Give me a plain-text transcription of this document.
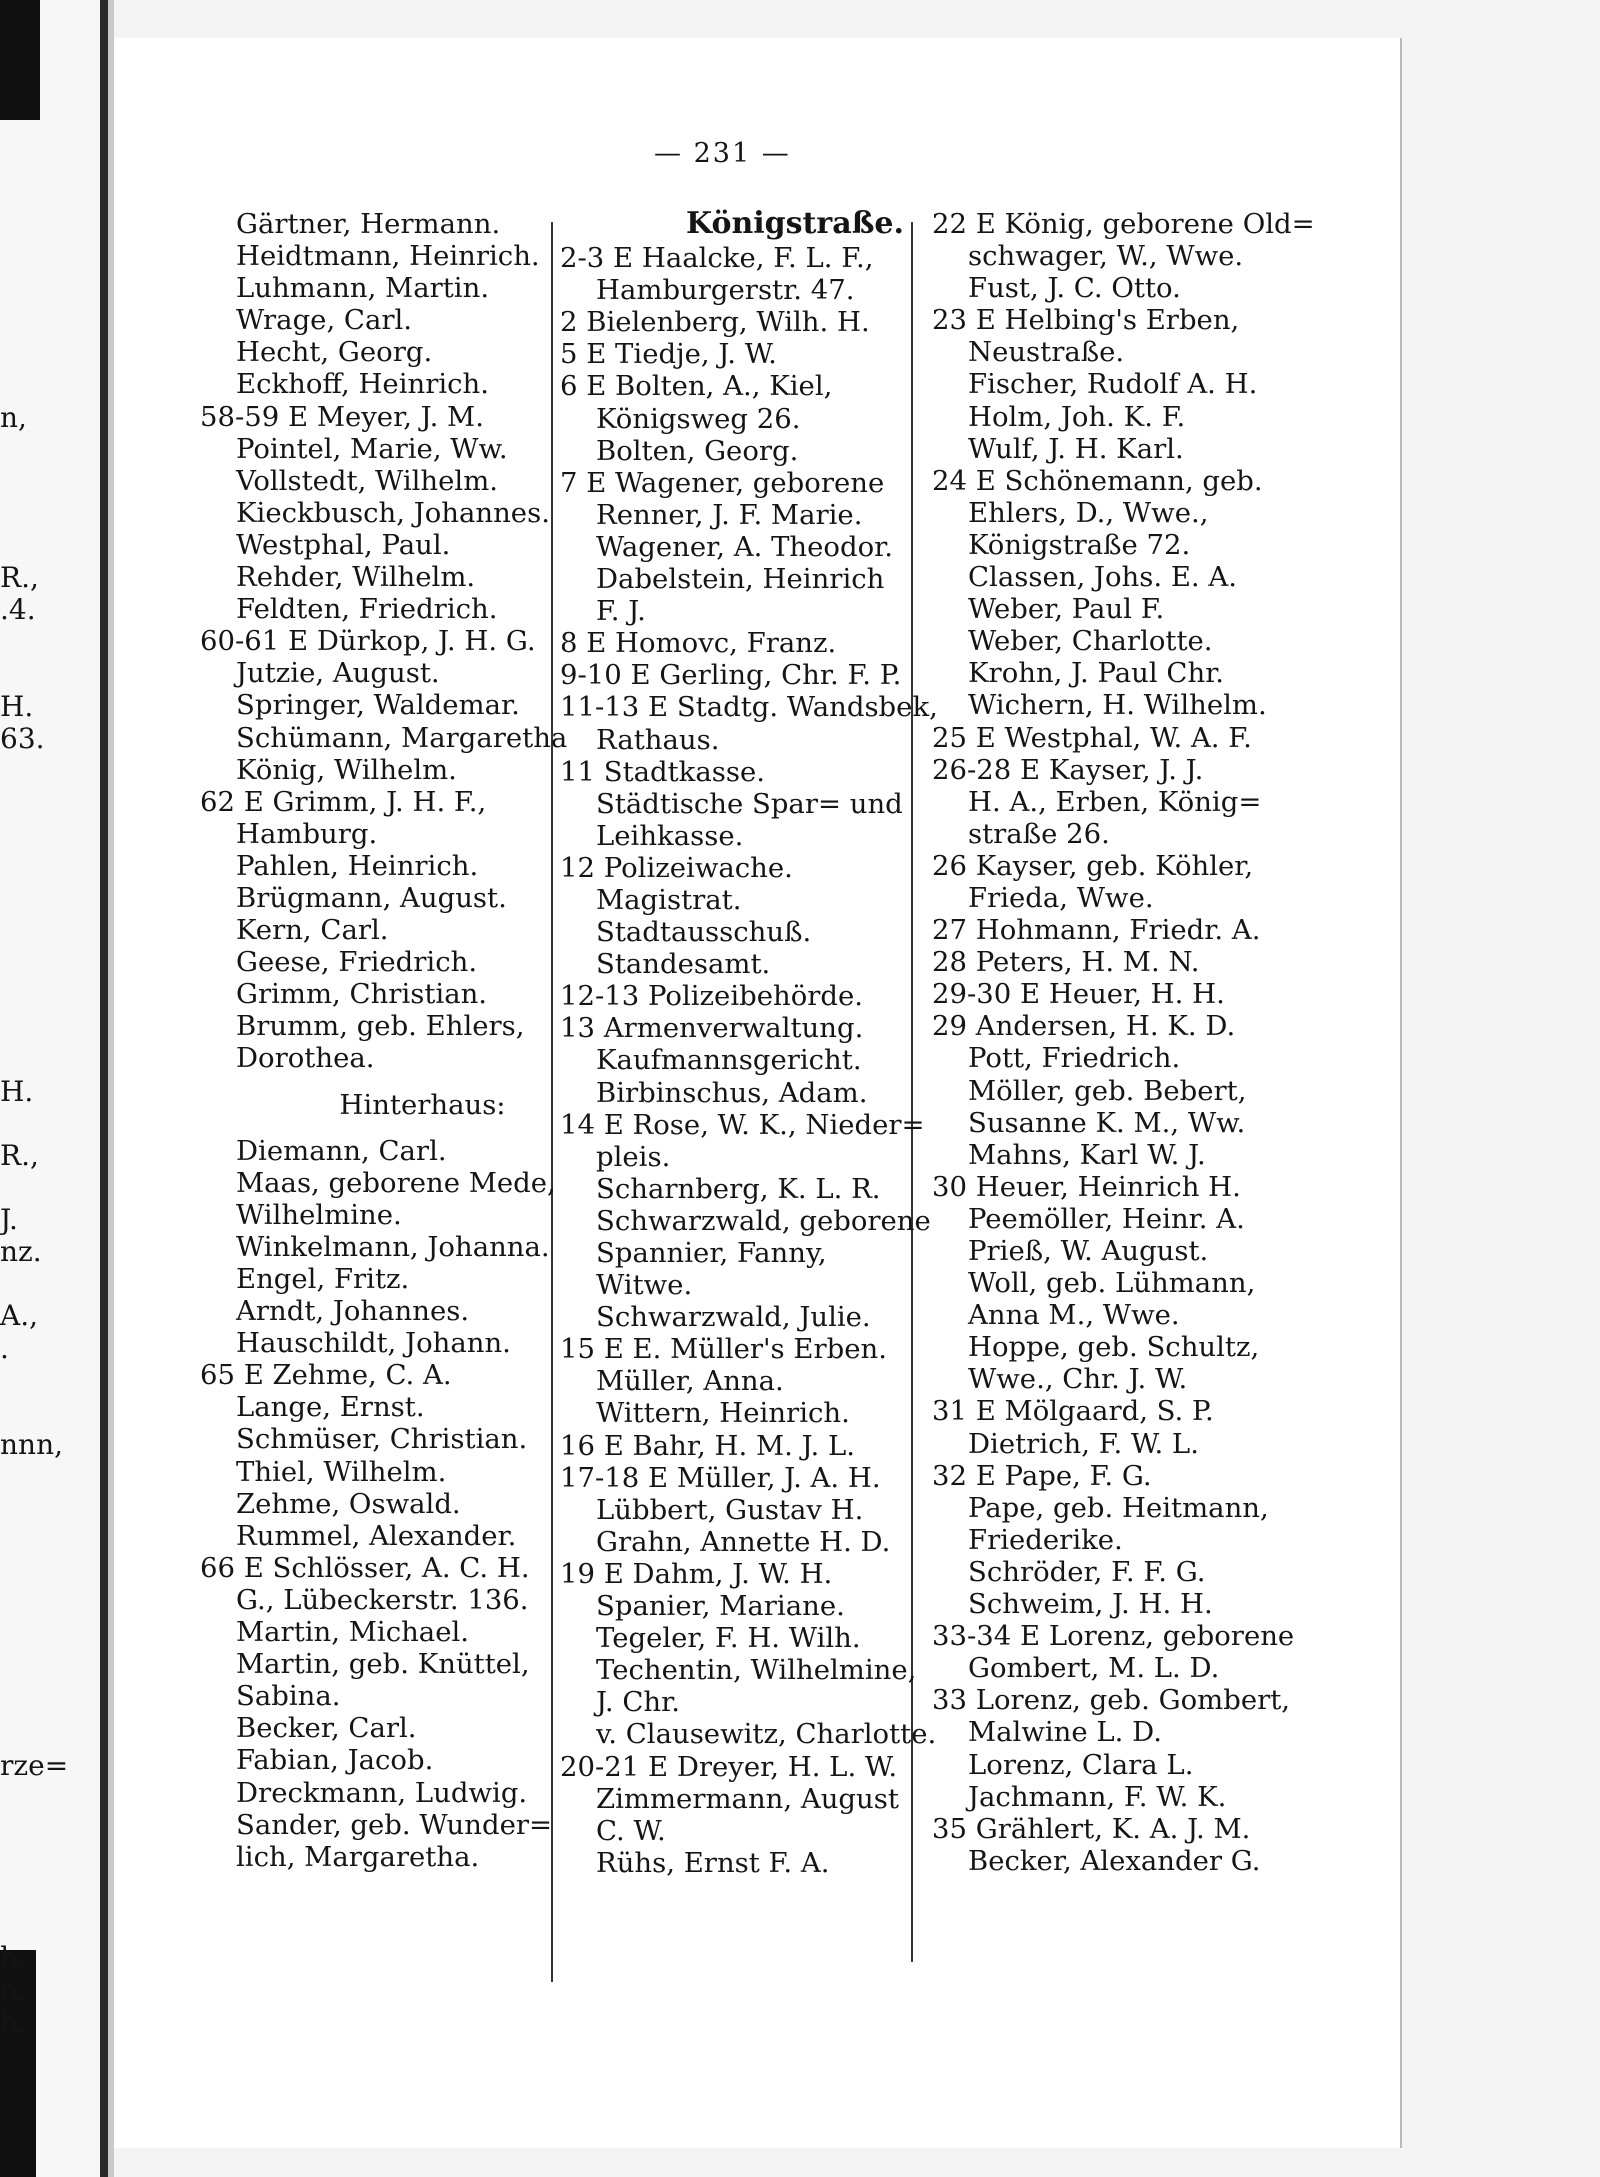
n,
R.,
.4.
H.
63.
H.
R.,
J.
nz.
A.,
.
nnn,
rze=
h.
n.
h.
— 231 —
Gärtner, Hermann.
Heidtmann, Heinrich.
Luhmann, Martin.
Wrage, Carl.
Hecht, Georg.
Eckhoff, Heinrich.
58-59 E Meyer, J. M.
Pointel, Marie, Ww.
Vollstedt, Wilhelm.
Kieckbusch, Johannes.
Westphal, Paul.
Rehder, Wilhelm.
Feldten, Friedrich.
60-61 E Dürkop, J. H. G.
Jutzie, August.
Springer, Waldemar.
Schümann, Margaretha
König, Wilhelm.
62 E Grimm, J. H. F.,
Hamburg.
Pahlen, Heinrich.
Brügmann, August.
Kern, Carl.
Geese, Friedrich.
Grimm, Christian.
Brumm, geb. Ehlers,
Dorothea.
Hinterhaus:
Diemann, Carl.
Maas, geborene Mede,
Wilhelmine.
Winkelmann, Johanna.
Engel, Fritz.
Arndt, Johannes.
Hauschildt, Johann.
65 E Zehme, C. A.
Lange, Ernst.
Schmüser, Christian.
Thiel, Wilhelm.
Zehme, Oswald.
Rummel, Alexander.
66 E Schlösser, A. C. H.
G., Lübeckerstr. 136.
Martin, Michael.
Martin, geb. Knüttel,
Sabina.
Becker, Carl.
Fabian, Jacob.
Dreckmann, Ludwig.
Sander, geb. Wunder=
lich, Margaretha.
Königstraße.
2-3 E Haalcke, F. L. F.,
Hamburgerstr. 47.
2 Bielenberg, Wilh. H.
5 E Tiedje, J. W.
6 E Bolten, A., Kiel,
Königsweg 26.
Bolten, Georg.
7 E Wagener, geborene
Renner, J. F. Marie.
Wagener, A. Theodor.
Dabelstein, Heinrich
F. J.
8 E Homovc, Franz.
9-10 E Gerling, Chr. F. P.
11-13 E Stadtg. Wandsbek,
Rathaus.
11 Stadtkasse.
Städtische Spar= und
Leihkasse.
12 Polizeiwache.
Magistrat.
Stadtausschuß.
Standesamt.
12-13 Polizeibehörde.
13 Armenverwaltung.
Kaufmannsgericht.
Birbinschus, Adam.
14 E Rose, W. K., Nieder=
pleis.
Scharnberg, K. L. R.
Schwarzwald, geborene
Spannier, Fanny,
Witwe.
Schwarzwald, Julie.
15 E E. Müller's Erben.
Müller, Anna.
Wittern, Heinrich.
16 E Bahr, H. M. J. L.
17-18 E Müller, J. A. H.
Lübbert, Gustav H.
Grahn, Annette H. D.
19 E Dahm, J. W. H.
Spanier, Mariane.
Tegeler, F. H. Wilh.
Techentin, Wilhelmine,
J. Chr.
v. Clausewitz, Charlotte.
20-21 E Dreyer, H. L. W.
Zimmermann, August
C. W.
Rühs, Ernst F. A.
22 E König, geborene Old=
schwager, W., Wwe.
Fust, J. C. Otto.
23 E Helbing's Erben,
Neustraße.
Fischer, Rudolf A. H.
Holm, Joh. K. F.
Wulf, J. H. Karl.
24 E Schönemann, geb.
Ehlers, D., Wwe.,
Königstraße 72.
Classen, Johs. E. A.
Weber, Paul F.
Weber, Charlotte.
Krohn, J. Paul Chr.
Wichern, H. Wilhelm.
25 E Westphal, W. A. F.
26-28 E Kayser, J. J.
H. A., Erben, König=
straße 26.
26 Kayser, geb. Köhler,
Frieda, Wwe.
27 Hohmann, Friedr. A.
28 Peters, H. M. N.
29-30 E Heuer, H. H.
29 Andersen, H. K. D.
Pott, Friedrich.
Möller, geb. Bebert,
Susanne K. M., Ww.
Mahns, Karl W. J.
30 Heuer, Heinrich H.
Peemöller, Heinr. A.
Prieß, W. August.
Woll, geb. Lühmann,
Anna M., Wwe.
Hoppe, geb. Schultz,
Wwe., Chr. J. W.
31 E Mölgaard, S. P.
Dietrich, F. W. L.
32 E Pape, F. G.
Pape, geb. Heitmann,
Friederike.
Schröder, F. F. G.
Schweim, J. H. H.
33-34 E Lorenz, geborene
Gombert, M. L. D.
33 Lorenz, geb. Gombert,
Malwine L. D.
Lorenz, Clara L.
Jachmann, F. W. K.
35 Grählert, K. A. J. M.
Becker, Alexander G.
